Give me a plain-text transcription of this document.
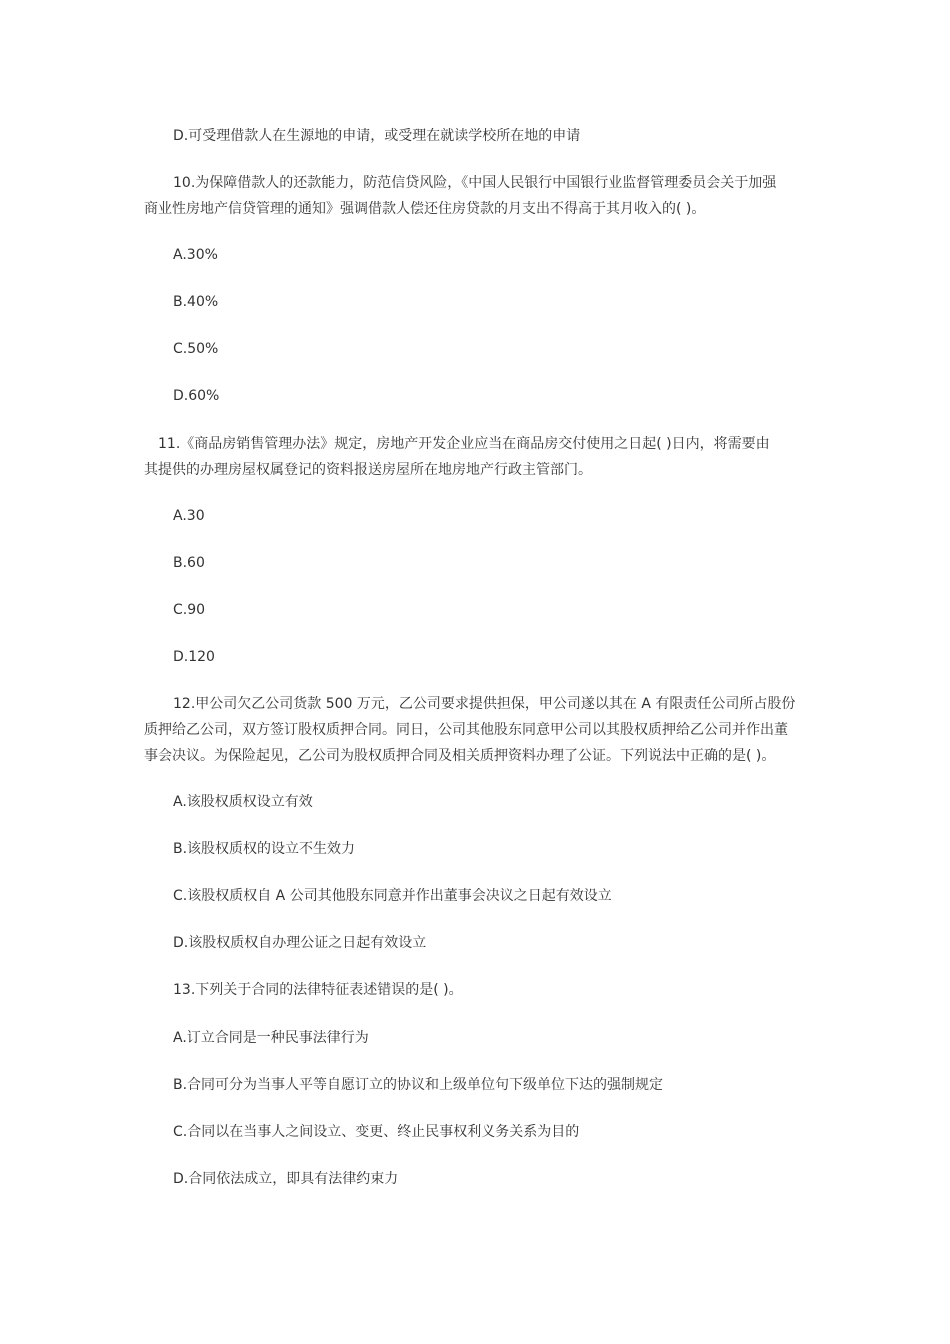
D.可受理借款人在生源地的申请，或受理在就读学校所在地的申请
10.为保障借款人的还款能力，防范信贷风险，《中国人民银行中国银行业监督管理委员会关于加强
商业性房地产信贷管理的通知》强调借款人偿还住房贷款的月支出不得高于其月收入的( )。
A.30%
B.40%
C.50%
D.60%
11.《商品房销售管理办法》规定，房地产开发企业应当在商品房交付使用之日起( )日内，将需要由
其提供的办理房屋权属登记的资料报送房屋所在地房地产行政主管部门。
A.30
B.60
C.90
D.120
12.甲公司欠乙公司货款 500 万元，乙公司要求提供担保，甲公司遂以其在 A 有限责任公司所占股份
质押给乙公司，双方签订股权质押合同。同日，公司其他股东同意甲公司以其股权质押给乙公司并作出董
事会决议。为保险起见，乙公司为股权质押合同及相关质押资料办理了公证。下列说法中正确的是( )。
A.该股权质权设立有效
B.该股权质权的设立不生效力
C.该股权质权自 A 公司其他股东同意并作出董事会决议之日起有效设立
D.该股权质权自办理公证之日起有效设立
13.下列关于合同的法律特征表述错误的是( )。
A.订立合同是一种民事法律行为
B.合同可分为当事人平等自愿订立的协议和上级单位句下级单位下达的强制规定
C.合同以在当事人之间设立、变更、终止民事权利义务关系为目的
D.合同依法成立，即具有法律约束力
